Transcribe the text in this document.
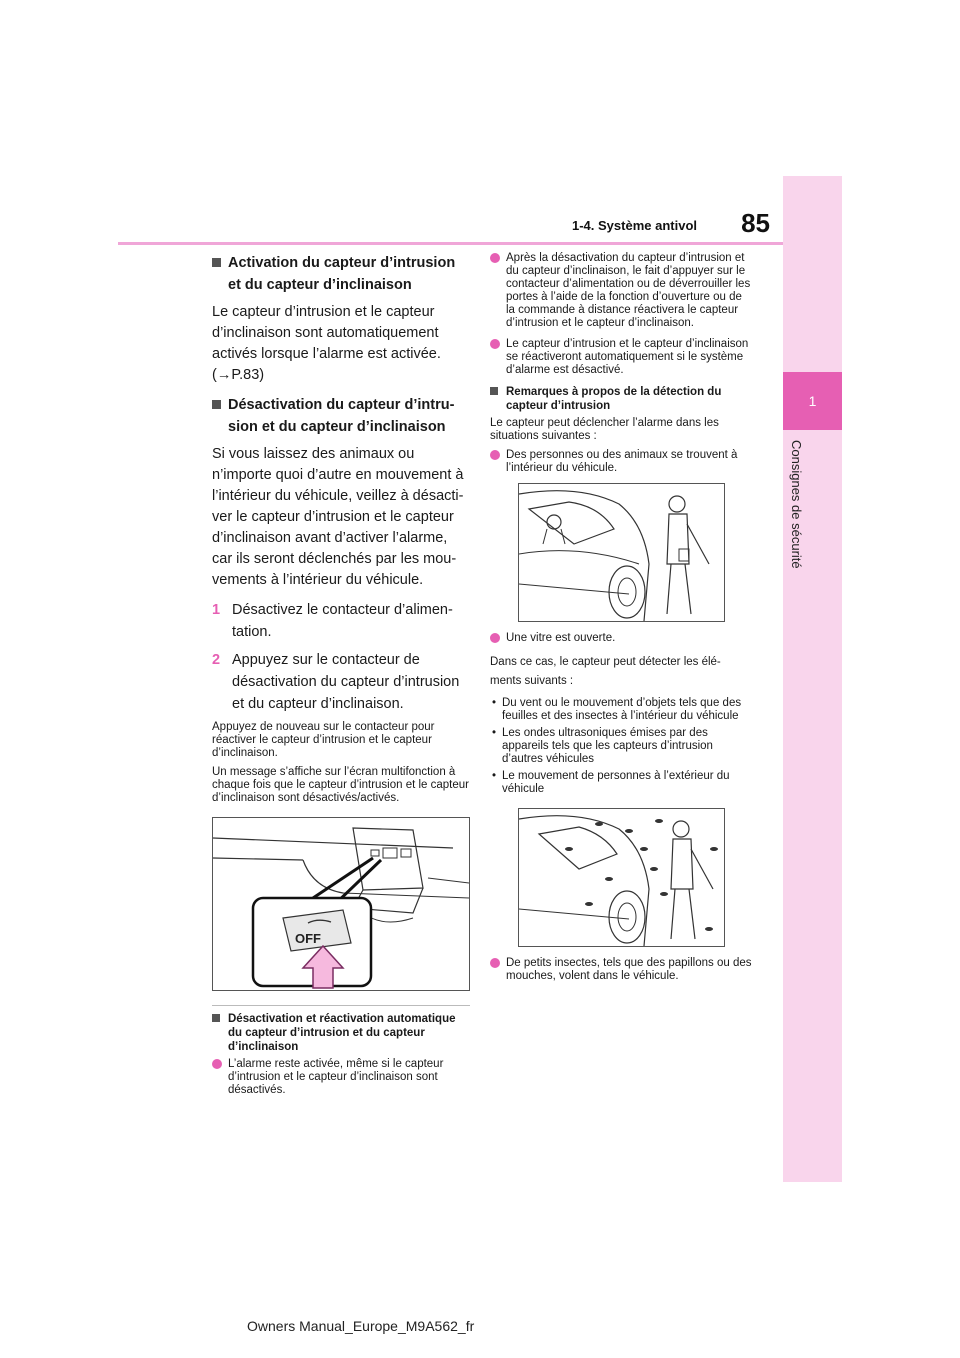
85
1-4. Système antivol
1
Consignes de sécurité
Activation du capteur d’intrusion et du capteur d’inclinaison

Le capteur d’intrusion et le capteur d’inclinaison sont automatiquement activés lorsque l’alarme est activée.
(→P.83)

Désactivation du capteur d’intrusion et du capteur d’inclinaison

Si vous laissez des animaux ou n’importe quoi d’autre en mouvement à l’intérieur du véhicule, veillez à désactiver le capteur d’intrusion et le capteur d’inclinaison avant d’activer l’alarme, car ils seront déclenchés par les mouvements à l’intérieur du véhicule.

1 Désactivez le contacteur d’alimentation.
2 Appuyez sur le contacteur de désactivation du capteur d’intrusion et du capteur d’inclinaison.

Appuyez de nouveau sur le contacteur pour réactiver le capteur d’intrusion et le capteur d’inclinaison.

Un message s’affiche sur l’écran multifonction à chaque fois que le capteur d’intrusion et le capteur d’inclinaison sont désactivés/activés.

OFF
Désactivation et réactivation automatique du capteur d’intrusion et du capteur d’inclinaison
L’alarme reste activée, même si le capteur d’intrusion et le capteur d’inclinaison sont désactivés.
Après la désactivation du capteur d’intrusion et du capteur d’inclinaison, le fait d’appuyer sur le contacteur d’alimentation ou de déverrouiller les portes à l’aide de la fonction d’ouverture ou de la commande à distance réactivera le capteur d’intrusion et le capteur d’inclinaison.
Le capteur d’intrusion et le capteur d’inclinaison se réactiveront automatiquement si le système d’alarme est désactivé.
Remarques à propos de la détection du capteur d’intrusion

Le capteur peut déclencher l’alarme dans les situations suivantes :

Des personnes ou des animaux se trouvent à l’intérieur du véhicule.
Une vitre est ouverte.

Dans ce cas, le capteur peut détecter les élé-
ments suivants :

• Du vent ou le mouvement d’objets tels que des feuilles et des insectes à l’intérieur du véhicule
• Les ondes ultrasoniques émises par des appareils tels que les capteurs d’intrusion d’autres véhicules
• Le mouvement de personnes à l’extérieur du véhicule
De petits insectes, tels que des papillons ou des mouches, volent dans le véhicule.
Owners Manual_Europe_M9A562_fr
